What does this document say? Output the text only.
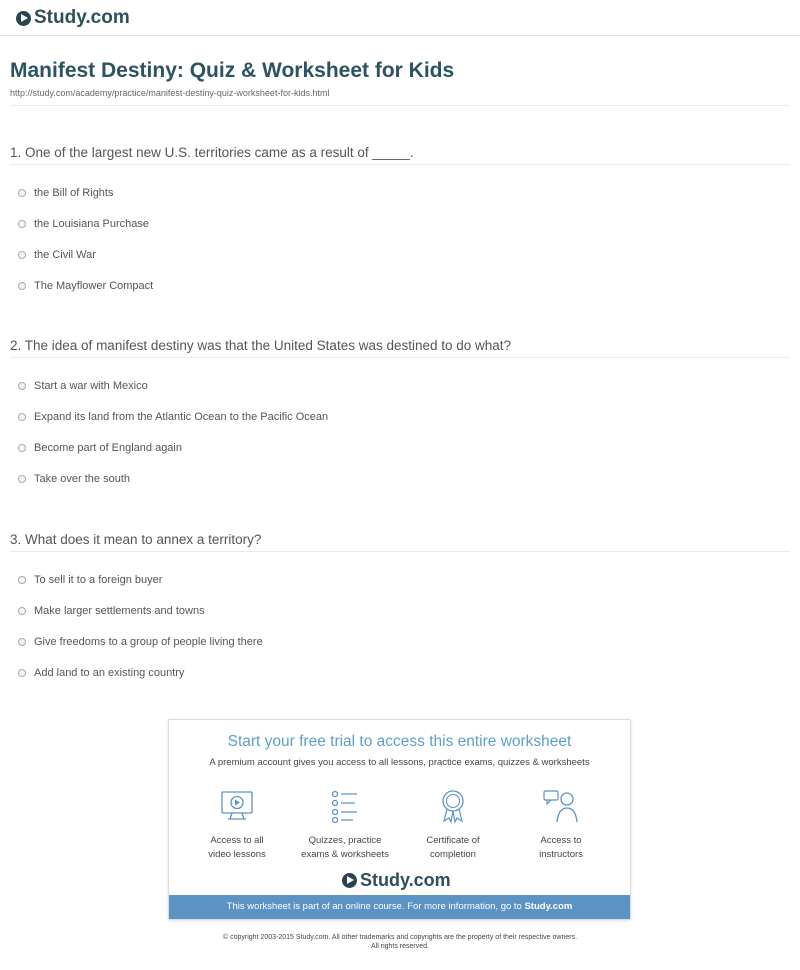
Study.com
Manifest Destiny: Quiz & Worksheet for Kids
http://study.com/academy/practice/manifest-destiny-quiz-worksheet-for-kids.html
1. One of the largest new U.S. territories came as a result of _____.
the Bill of Rights
the Louisiana Purchase
the Civil War
The Mayflower Compact
2. The idea of manifest destiny was that the United States was destined to do what?
Start a war with Mexico
Expand its land from the Atlantic Ocean to the Pacific Ocean
Become part of England again
Take over the south
3. What does it mean to annex a territory?
To sell it to a foreign buyer
Make larger settlements and towns
Give freedoms to a group of people living there
Add land to an existing country
Start your free trial to access this entire worksheet
A premium account gives you access to all lessons, practice exams, quizzes & worksheets
Access to all
video lessons
Quizzes, practice
exams & worksheets
Certificate of
completion
Access to
instructors
Study.com
This worksheet is part of an online course. For more information, go to Study.com
© copyright 2003-2015 Study.com. All other trademarks and copyrights are the property of their respective owners.
All rights reserved.
